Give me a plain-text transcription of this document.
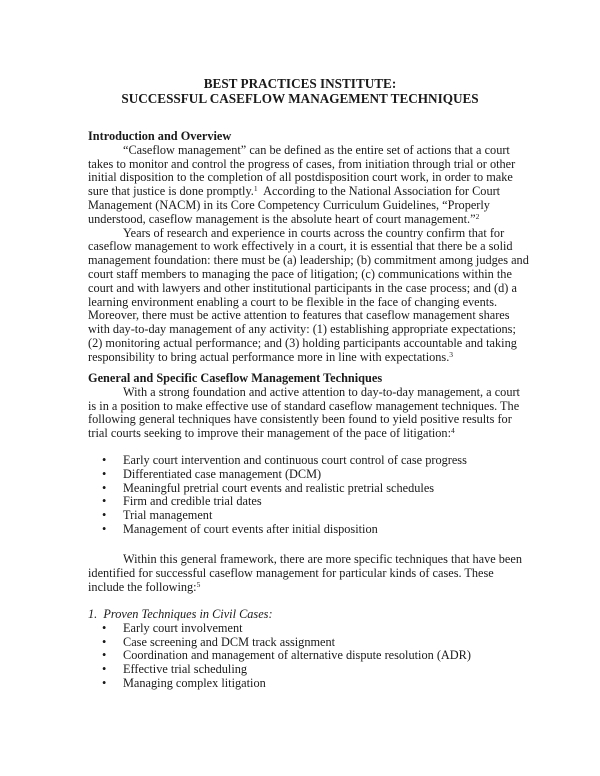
BEST PRACTICES INSTITUTE:
SUCCESSFUL CASEFLOW MANAGEMENT TECHNIQUES
Introduction and Overview
“Caseflow management” can be defined as the entire set of actions that a court
takes to monitor and control the progress of cases, from initiation through trial or other
initial disposition to the completion of all postdisposition court work, in order to make
sure that justice is done promptly.$^1$  According to the National Association for Court
Management (NACM) in its Core Competency Curriculum Guidelines, “Properly
understood, caseflow management is the absolute heart of court management.”$^2$
Years of research and experience in courts across the country confirm that for
caseflow management to work effectively in a court, it is essential that there be a solid
management foundation: there must be (a) leadership; (b) commitment among judges and
court staff members to managing the pace of litigation; (c) communications within the
court and with lawyers and other institutional participants in the case process; and (d) a
learning environment enabling a court to be flexible in the face of changing events.
Moreover, there must be active attention to features that caseflow management shares
with day-to-day management of any activity: (1) establishing appropriate expectations;
(2) monitoring actual performance; and (3) holding participants accountable and taking
responsibility to bring actual performance more in line with expectations.$^3$
General and Specific Caseflow Management Techniques
With a strong foundation and active attention to day-to-day management, a court
is in a position to make effective use of standard caseflow management techniques. The
following general techniques have consistently been found to yield positive results for
trial courts seeking to improve their management of the pace of litigation:$^4$
• Early court intervention and continuous court control of case progress
• Differentiated case management (DCM)
• Meaningful pretrial court events and realistic pretrial schedules
• Firm and credible trial dates
• Trial management
• Management of court events after initial disposition
Within this general framework, there are more specific techniques that have been
identified for successful caseflow management for particular kinds of cases. These
include the following:$^5$
1.  Proven Techniques in Civil Cases:
• Early court involvement
• Case screening and DCM track assignment
• Coordination and management of alternative dispute resolution (ADR)
• Effective trial scheduling
• Managing complex litigation
